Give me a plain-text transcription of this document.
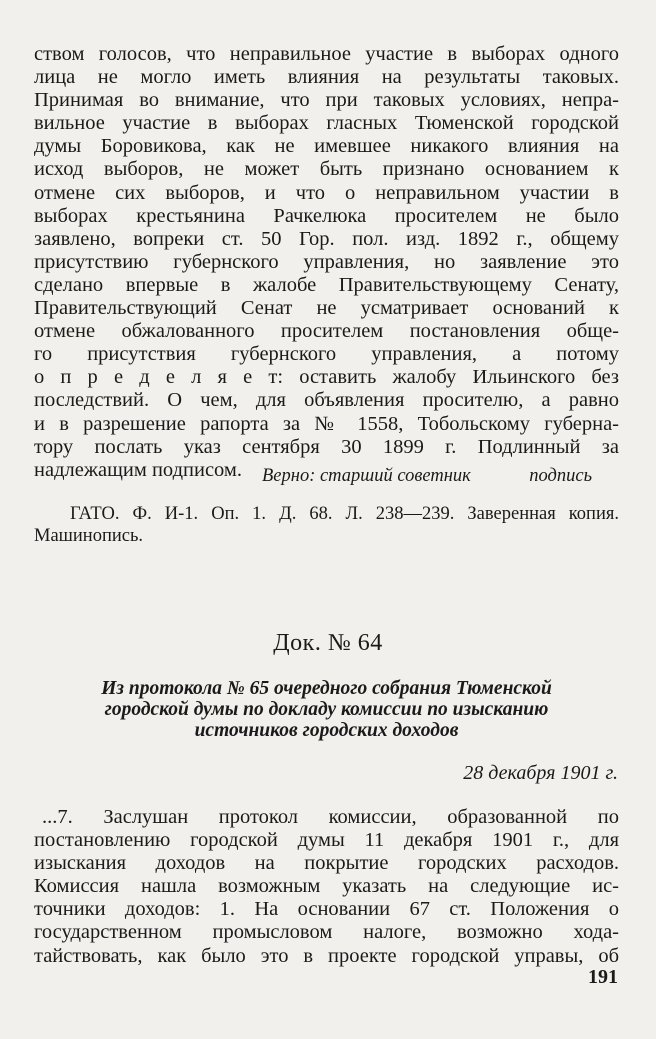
ством голосов, что неправильное участие в выборах одного
лица не могло иметь влияния на результаты таковых.
Принимая во внимание, что при таковых условиях, непра-
вильное участие в выборах гласных Тюменской городской
думы Боровикова, как не имевшее никакого влияния на
исход выборов, не может быть признано основанием к
отмене сих выборов, и что о неправильном участии в
выборах крестьянина Рачкелюка просителем не было
заявлено, вопреки ст. 50 Гор. пол. изд. 1892 г., общему
присутствию губернского управления, но заявление это
сделано впервые в жалобе Правительствующему Сенату,
Правительствующий Сенат не усматривает оснований к
отмене обжалованного просителем постановления обще-
го присутствия губернского управления, а потому
о п р е д е л я е т: оставить жалобу Ильинского без
последствий. О чем, для объявления просителю, а равно
и в разрешение рапорта за № 1558, Тобольскому губерна-
тору послать указ сентября 30 1899 г. Подлинный за
надлежащим подписом.	Верно: старший советник	подпись
ГАТО. Ф. И-1. Оп. 1. Д. 68. Л. 238—239. Заверенная копия.
Машинопись.
Док. № 64
Из протокола № 65 очередного собрания Тюменской
городской думы по докладу комиссии по изысканию
источников городских доходов
28 декабря 1901 г.
...7. Заслушан протокол комиссии, образованной по
постановлению городской думы 11 декабря 1901 г., для
изыскания доходов на покрытие городских расходов.
Комиссия нашла возможным указать на следующие ис-
точники доходов: 1. На основании 67 ст. Положения о
государственном промысловом налоге, возможно хода-
тайствовать, как было это в проекте городской управы, об
191
